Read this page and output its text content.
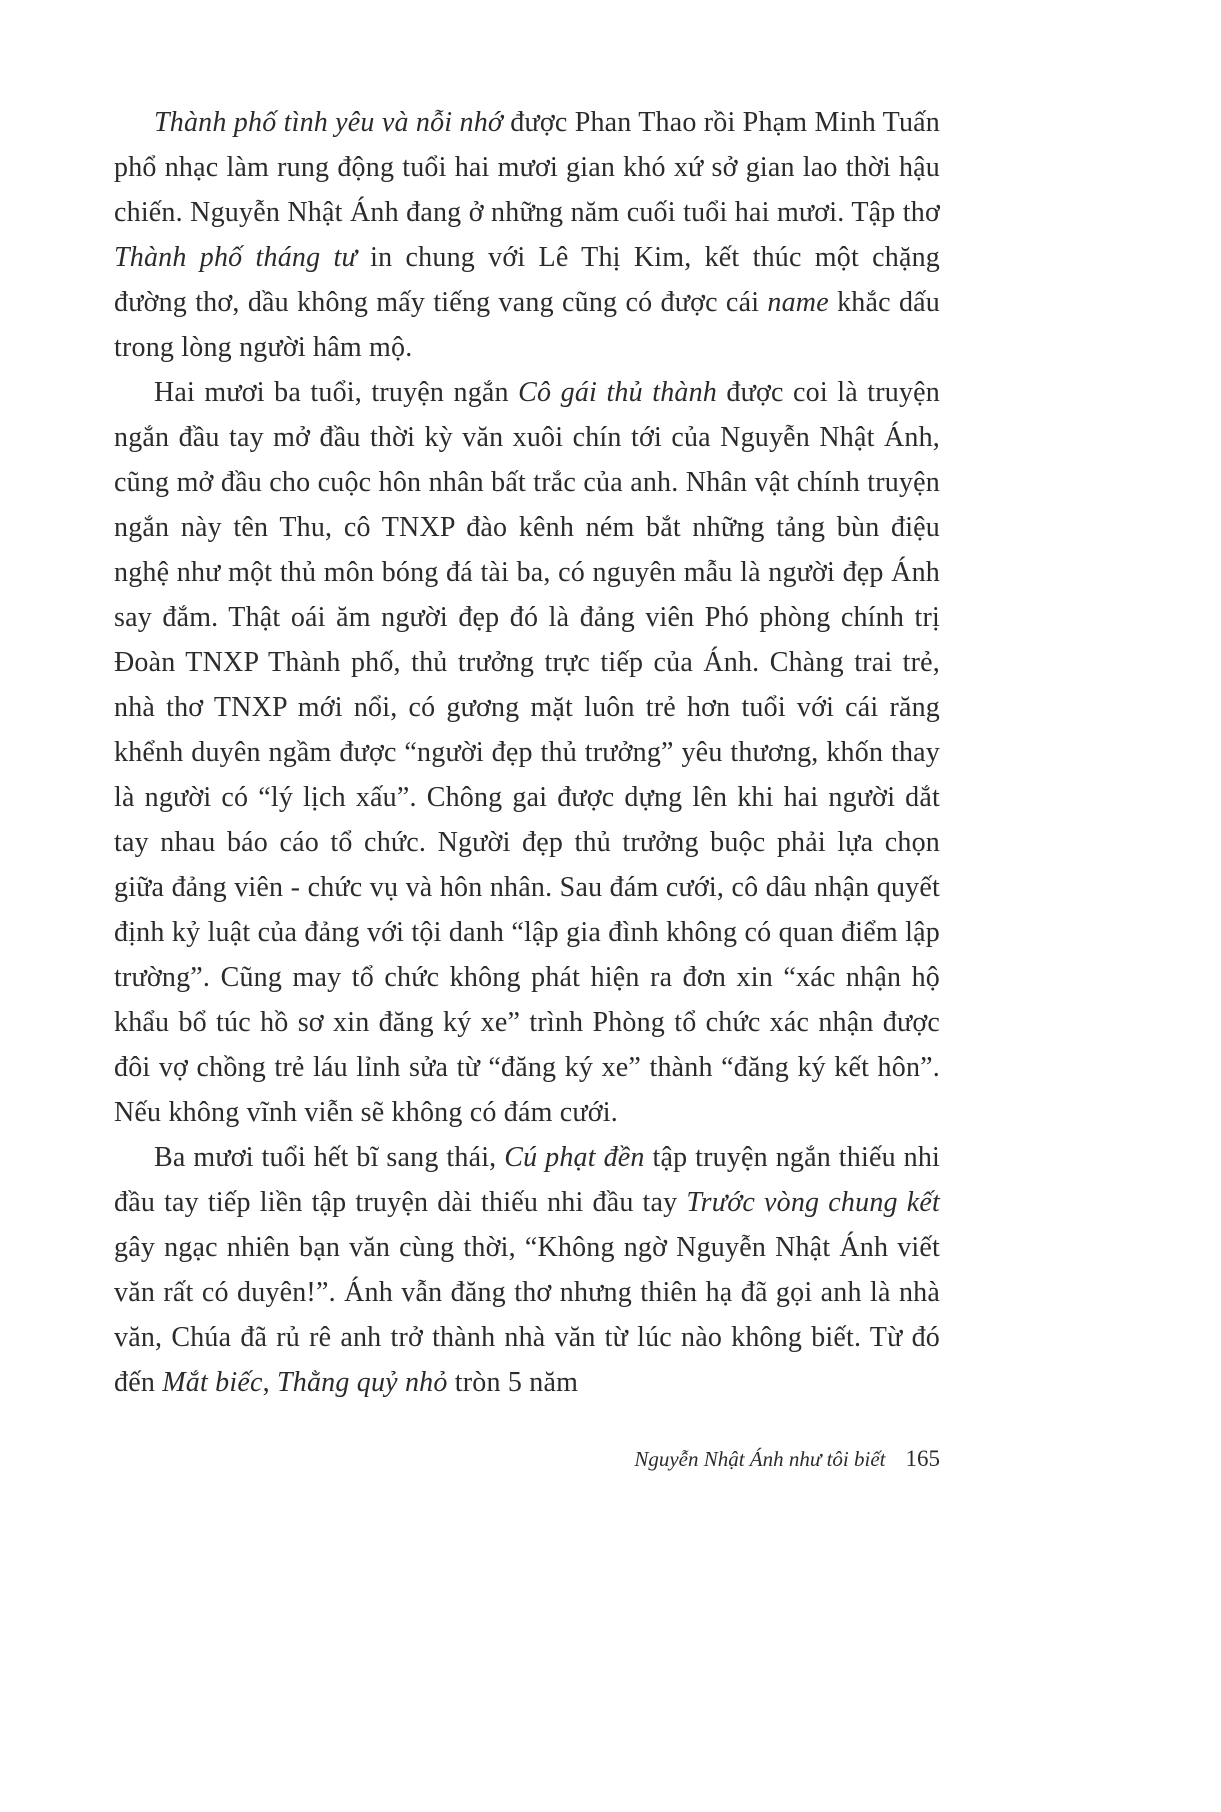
Thành phố tình yêu và nỗi nhớ được Phan Thao rồi Phạm Minh Tuấn phổ nhạc làm rung động tuổi hai mươi gian khó xứ sở gian lao thời hậu chiến. Nguyễn Nhật Ánh đang ở những năm cuối tuổi hai mươi. Tập thơ Thành phố tháng tư in chung với Lê Thị Kim, kết thúc một chặng đường thơ, dầu không mấy tiếng vang cũng có được cái name khắc dấu trong lòng người hâm mộ.

Hai mươi ba tuổi, truyện ngắn Cô gái thủ thành được coi là truyện ngắn đầu tay mở đầu thời kỳ văn xuôi chín tới của Nguyễn Nhật Ánh, cũng mở đầu cho cuộc hôn nhân bất trắc của anh. Nhân vật chính truyện ngắn này tên Thu, cô TNXP đào kênh ném bắt những tảng bùn điệu nghệ như một thủ môn bóng đá tài ba, có nguyên mẫu là người đẹp Ánh say đắm. Thật oái ăm người đẹp đó là đảng viên Phó phòng chính trị Đoàn TNXP Thành phố, thủ trưởng trực tiếp của Ánh. Chàng trai trẻ, nhà thơ TNXP mới nổi, có gương mặt luôn trẻ hơn tuổi với cái răng khểnh duyên ngầm được “người đẹp thủ trưởng” yêu thương, khốn thay là người có “lý lịch xấu”. Chông gai được dựng lên khi hai người dắt tay nhau báo cáo tổ chức. Người đẹp thủ trưởng buộc phải lựa chọn giữa đảng viên - chức vụ và hôn nhân. Sau đám cưới, cô dâu nhận quyết định kỷ luật của đảng với tội danh “lập gia đình không có quan điểm lập trường”. Cũng may tổ chức không phát hiện ra đơn xin “xác nhận hộ khẩu bổ túc hồ sơ xin đăng ký xe” trình Phòng tổ chức xác nhận được đôi vợ chồng trẻ láu lỉnh sửa từ “đăng ký xe” thành “đăng ký kết hôn”. Nếu không vĩnh viễn sẽ không có đám cưới.

Ba mươi tuổi hết bĩ sang thái, Cú phạt đền tập truyện ngắn thiếu nhi đầu tay tiếp liền tập truyện dài thiếu nhi đầu tay Trước vòng chung kết gây ngạc nhiên bạn văn cùng thời, “Không ngờ Nguyễn Nhật Ánh viết văn rất có duyên!”. Ánh vẫn đăng thơ nhưng thiên hạ đã gọi anh là nhà văn, Chúa đã rủ rê anh trở thành nhà văn từ lúc nào không biết. Từ đó đến Mắt biếc, Thằng quỷ nhỏ tròn 5 năm

Nguyễn Nhật Ánh như tôi biết 165
